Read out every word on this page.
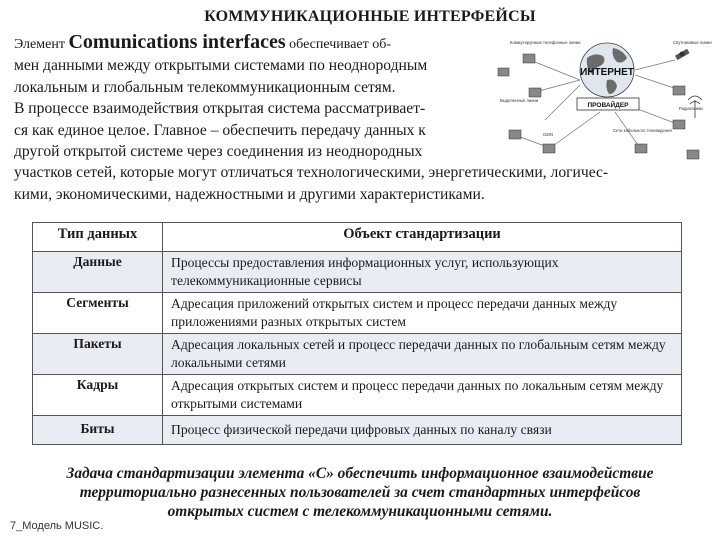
КОММУНИКАЦИОННЫЕ ИНТЕРФЕЙСЫ
Элемент Comunications interfaces обеспечивает об-
мен данными между открытыми системами по неоднородным
локальным и глобальным телекоммуникационным сетям.
В процессе взаимодействия открытая система рассматривает-
ся как единое целое. Главное – обеспечить передачу данных к
другой открытой системе через соединения из неоднородных
участков сетей, которые могут отличаться технологическими, энергетическими, логичес-
кими, экономическими, надежностными и другими характеристиками.
ИНТЕРНЕТ
ПРОВАЙДЕР
Коммутируемые телефонные линии	Спутниковые линии
Выделенные линии
Радиолинии
ISDN
Сети кабельного телевидения
Тип данных	Объект стандартизации
Данные	Процессы предоставления информационных услуг, использующих телекоммуникационные сервисы
Сегменты	Адресация приложений открытых систем и процесс передачи данных между приложениями разных открытых систем
Пакеты	Адресация локальных сетей и процесс передачи данных по глобальным сетям между локальными сетями
Кадры	Адресация открытых систем и процесс передачи данных по локальным сетям между открытыми системами
Биты	Процесс физической передачи цифровых данных по каналу связи
Задача стандартизации элемента «С» обеспечить информационное взаимодействие
территориально разнесенных пользователей за счет стандартных интерфейсов
открытых систем с телекоммуникационными сетями.
7_Модель MUSIC.
